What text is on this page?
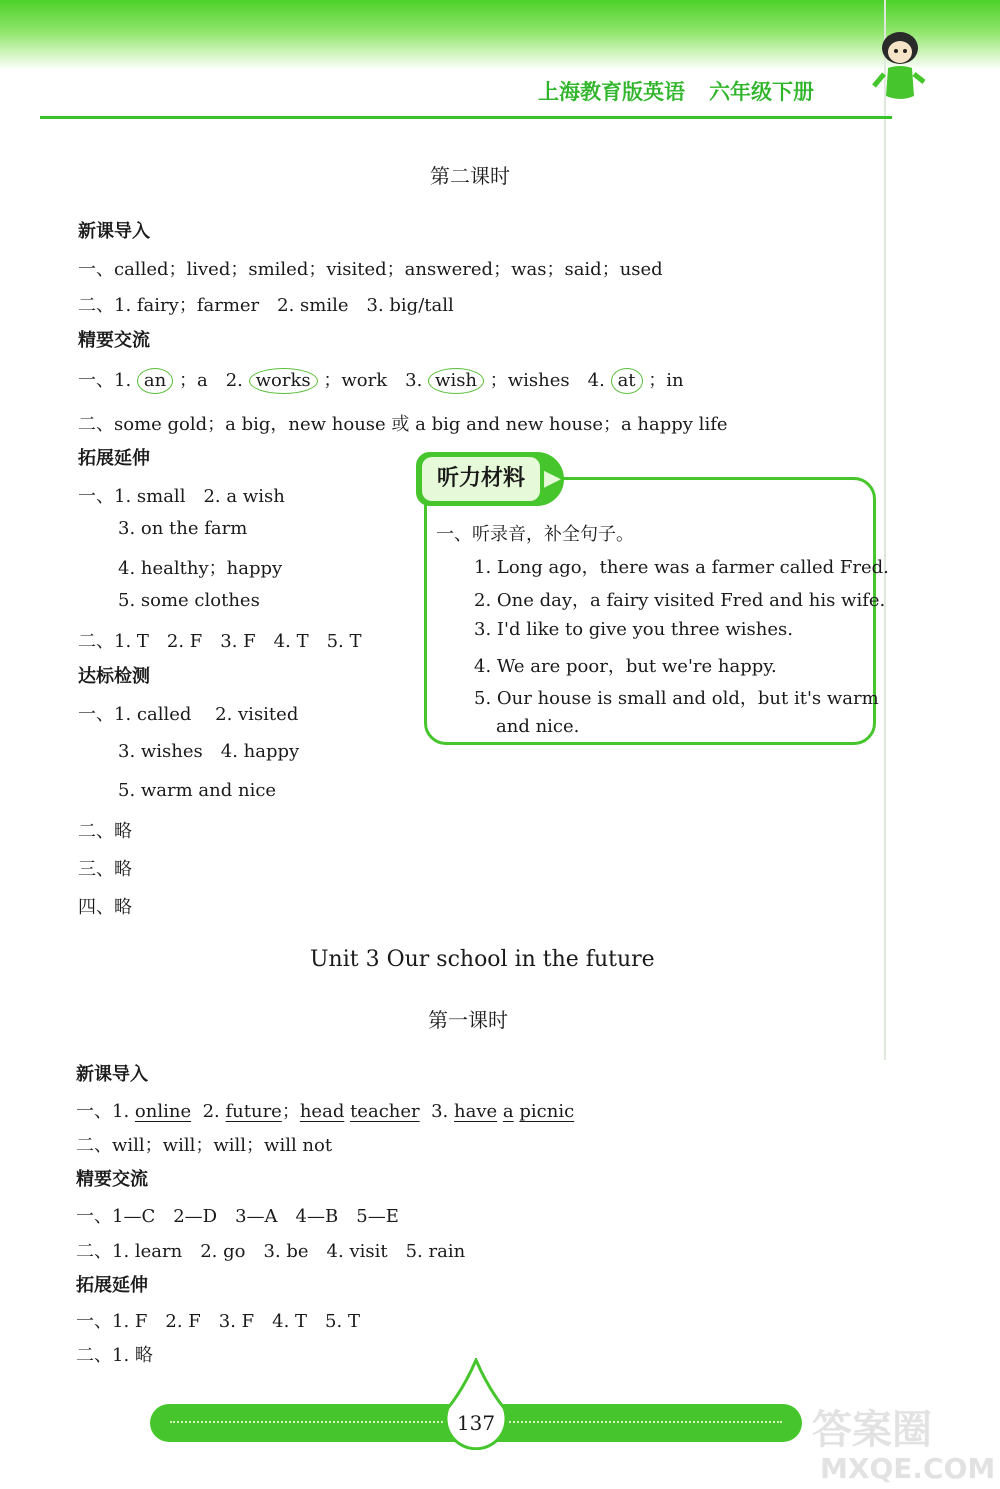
上海教育版英语 六年级下册
第二课时
新课导入
一、called；lived；smiled；visited；answered；was；said；used
二、1. fairy；farmer　2. smile　3. big/tall
精要交流
一、1. an ；a　2. works ；work　3. wish ；wishes　4. at ；in
二、some gold；a big，new house 或 a big and new house；a happy life
拓展延伸
一、1. small　2. a wish
3. on the farm
4. healthy；happy
5. some clothes
二、1. T　2. F　3. F　4. T　5. T
达标检测
一、1. called　 2. visited
3. wishes　4. happy
5. warm and nice
二、略
三、略
四、略
听力材料 ▶
一、听录音，补全句子。
1. Long ago，there was a farmer called Fred.
2. One day，a fairy visited Fred and his wife.
3. I'd like to give you three wishes.
4. We are poor，but we're happy.
5. Our house is small and old，but it's warm
and nice.
Unit 3 Our school in the future
第一课时
新课导入
一、1. online 2. future；head teacher 3. have a picnic
二、will；will；will；will not
精要交流
一、1—C　2—D　3—A　4—B　5—E
二、1. learn　2. go　3. be　4. visit　5. rain
拓展延伸
一、1. F　2. F　3. F　4. T　5. T
二、1. 略
137	答案圈
MXQE.COM
